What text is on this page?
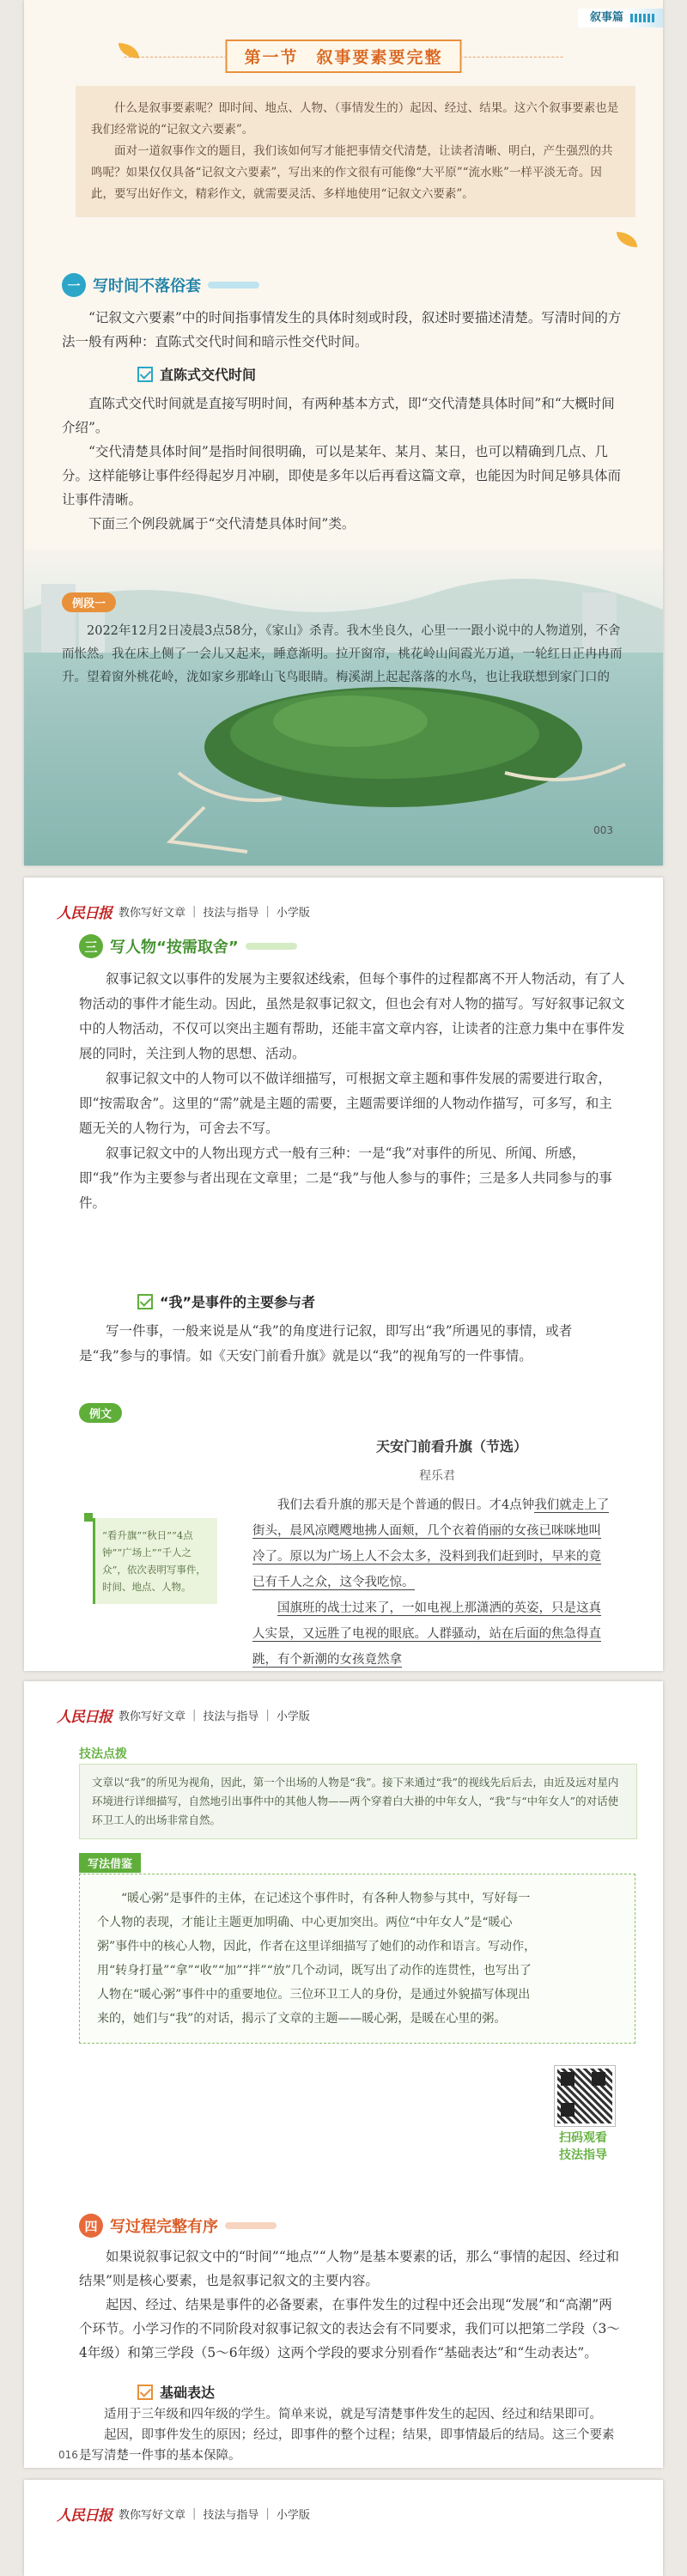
叙事篇
第一节　叙事要素要完整

什么是叙事要素呢？即时间、地点、人物、（事情发生的）起因、经过、结果。这六个叙事要素也是我们经常说的“记叙文六要素”。

面对一道叙事作文的题目，我们该如何写才能把事情交代清楚，让读者清晰、明白，产生强烈的共鸣呢？如果仅仅具备“记叙文六要素”，写出来的作文很有可能像“大平原”“流水账”一样平淡无奇。因此，要写出好作文，精彩作文，就需要灵活、多样地使用“记叙文六要素”。

一 写时间不落俗套

“记叙文六要素”中的时间指事情发生的具体时刻或时段，叙述时要描述清楚。写清时间的方法一般有两种：直陈式交代时间和暗示性交代时间。

直陈式交代时间

直陈式交代时间就是直接写明时间，有两种基本方式，即“交代清楚具体时间”和“大概时间介绍”。

“交代清楚具体时间”是指时间很明确，可以是某年、某月、某日，也可以精确到几点、几分。这样能够让事件经得起岁月冲刷，即使是多年以后再看这篇文章，也能因为时间足够具体而让事件清晰。

下面三个例段就属于“交代清楚具体时间”类。

例段一

2022年12月2日凌晨3点58分，《家山》杀青。我木坐良久，心里一一跟小说中的人物道别，不舍而怅然。我在床上侧了一会儿又起来，睡意渐明。拉开窗帘，桃花岭山间霞光万道，一轮红日正冉冉而升。望着窗外桃花岭，泷如家乡那峰山飞鸟眼睛。梅溪湖上起起落落的水鸟，也让我联想到家门口的

003
人民日报 教你写好文章 | 技法与指导 | 小学版
三 写人物“按需取舍”

叙事记叙文以事件的发展为主要叙述线索，但每个事件的过程都离不开人物活动，有了人物活动的事件才能生动。因此，虽然是叙事记叙文，但也会有对人物的描写。写好叙事记叙文中的人物活动，不仅可以突出主题有帮助，还能丰富文章内容，让读者的注意力集中在事件发展的同时，关注到人物的思想、活动。

叙事记叙文中的人物可以不做详细描写，可根据文章主题和事件发展的需要进行取舍，即“按需取舍”。这里的“需”就是主题的需要，主题需要详细的人物动作描写，可多写，和主题无关的人物行为，可舍去不写。

叙事记叙文中的人物出现方式一般有三种：一是“我”对事件的所见、所闻、所感，即“我”作为主要参与者出现在文章里；二是“我”与他人参与的事件；三是多人共同参与的事件。

“我”是事件的主要参与者

写一件事，一般来说是从“我”的角度进行记叙，即写出“我”所遇见的事情，或者是“我”参与的事情。如《天安门前看升旗》就是以“我”的视角写的一件事情。

例文
天安门前看升旗（节选）
程乐君
“看升旗”“秋日”“4点钟”“广场上”“千人之众”，依次表明写事件，时间、地点、人物。

我们去看升旗的那天是个普通的假日。才4点钟我们就走上了街头，晨风凉飕飕地拂人面颊，几个衣着俏丽的女孩已咪咪地叫冷了。原以为广场上人不会太多，没料到我们赶到时，早来的竟已有千人之众，这令我吃惊。

国旗班的战士过来了，一如电视上那潇洒的英姿，只是这真人实景，又远胜了电视的眼底。人群骚动，站在后面的焦急得直跳，有个新潮的女孩竟然拿

人民日报 教你写好文章 | 技法与指导 | 小学版
技法点拨
文章以“我”的所见为视角，因此，第一个出场的人物是“我”。接下来通过“我”的视线先后后去，由近及远对星内环境进行详细描写，自然地引出事件中的其他人物——两个穿着白大褂的中年女人，“我”与“中年女人”的对话使环卫工人的出场非常自然。
写法借鉴

“暖心粥”是事件的主体，在记述这个事件时，有各种人物参与其中，写好每一个人物的表现，才能让主题更加明确、中心更加突出。两位“中年女人”是“暖心粥”事件中的核心人物，因此，作者在这里详细描写了她们的动作和语言。写动作，用“转身打量”“拿”“收”“加”“拌”“放”几个动词，既写出了动作的连贯性，也写出了人物在“暖心粥”事件中的重要地位。三位环卫工人的身份，是通过外貌描写体现出来的，她们与“我”的对话，揭示了文章的主题——暖心粥，是暖在心里的粥。

扫码观看
技法指导
四 写过程完整有序

如果说叙事记叙文中的“时间”“地点”“人物”是基本要素的话，那么“事情的起因、经过和结果”则是核心要素，也是叙事记叙文的主要内容。

起因、经过、结果是事件的必备要素，在事件发生的过程中还会出现“发展”和“高潮”两个环节。小学习作的不同阶段对叙事记叙文的表达会有不同要求，我们可以把第二学段（3～4年级）和第三学段（5～6年级）这两个学段的要求分别看作“基础表达”和“生动表达”。

基础表达

适用于三年级和四年级的学生。简单来说，就是写清楚事件发生的起因、经过和结果即可。

起因，即事件发生的原因；经过，即事件的整个过程；结果，即事情最后的结局。这三个要素是写清楚一件事的基本保障。

016
人民日报 教你写好文章 | 技法与指导 | 小学版
